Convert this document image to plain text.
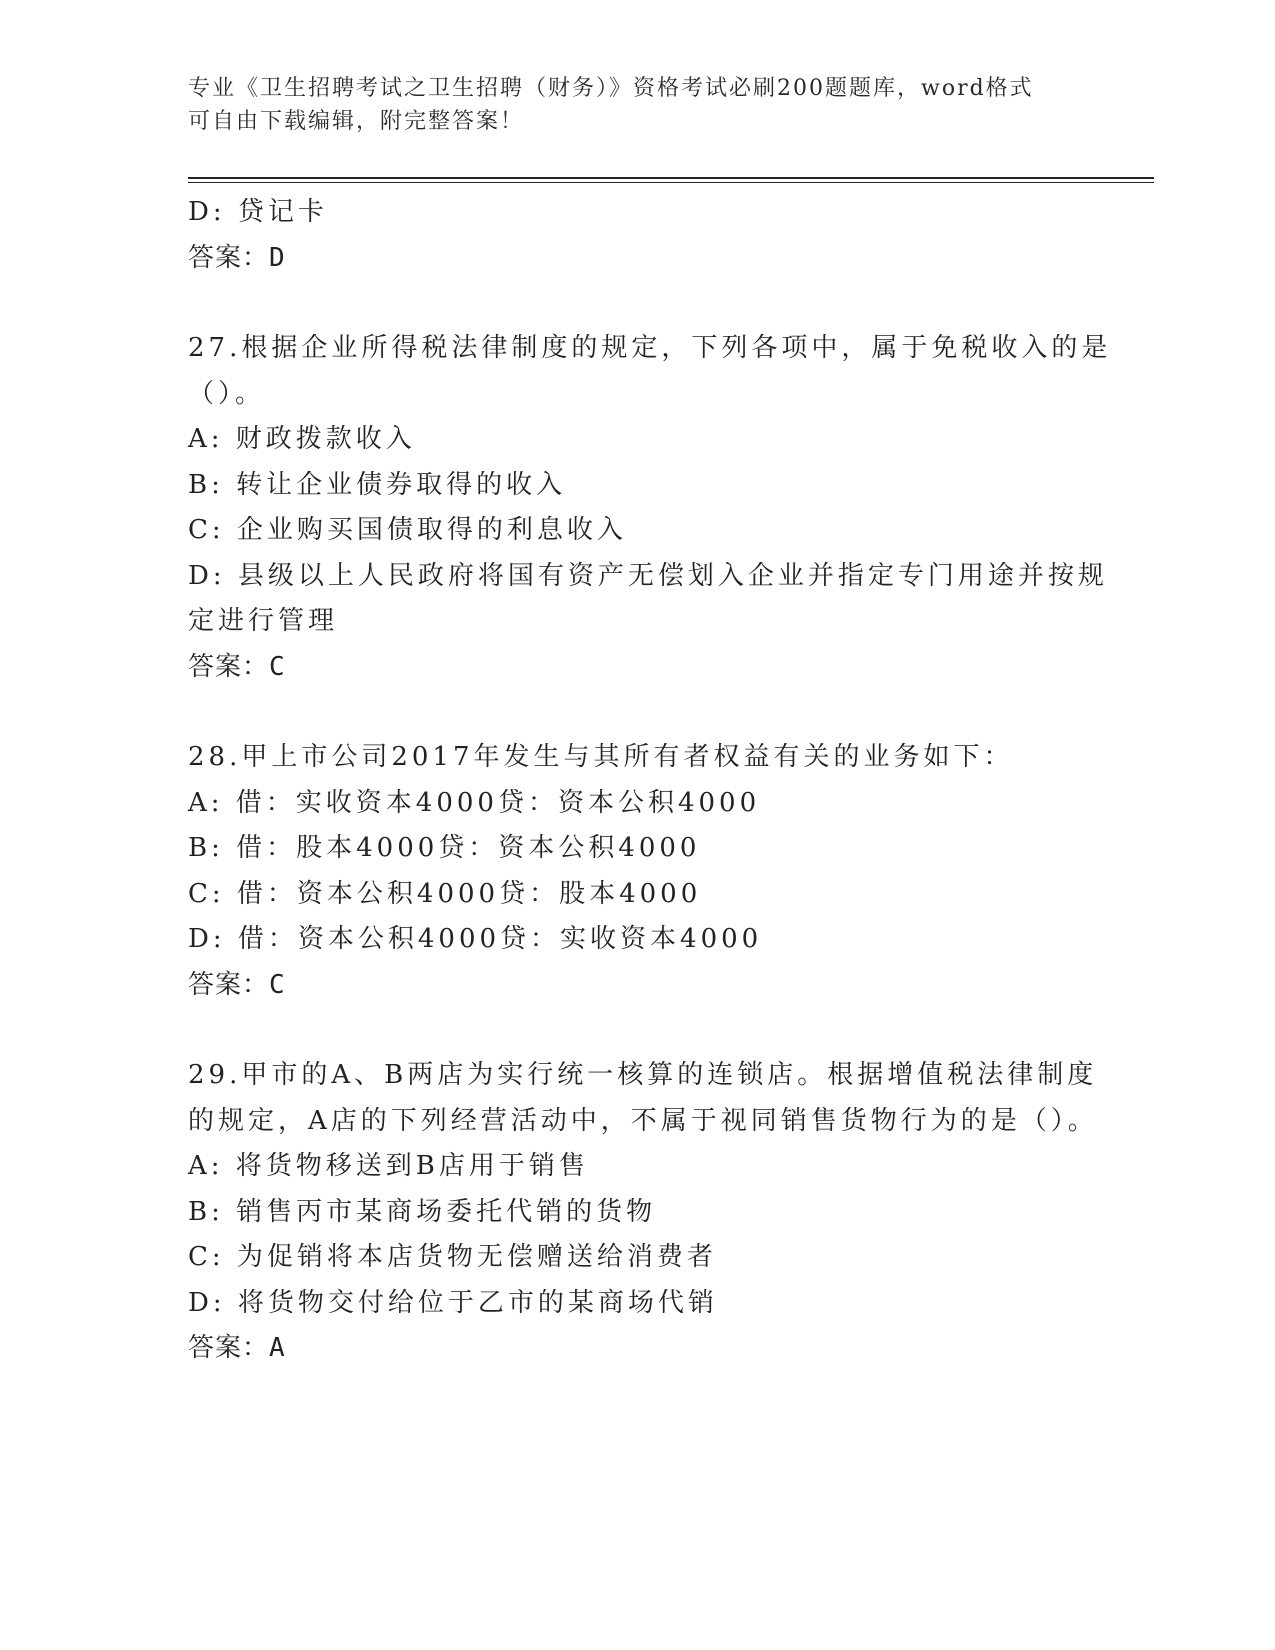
专业《卫生招聘考试之卫生招聘（财务）》资格考试必刷200题题库，word格式
可自由下载编辑，附完整答案！
D: 贷记卡
答案：D
27.根据企业所得税法律制度的规定，下列各项中，属于免税收入的是
（）。
A: 财政拨款收入
B: 转让企业债券取得的收入
C: 企业购买国债取得的利息收入
D: 县级以上人民政府将国有资产无偿划入企业并指定专门用途并按规
定进行管理
答案：C
28.甲上市公司2017年发生与其所有者权益有关的业务如下：
A: 借：实收资本4000贷：资本公积4000
B: 借：股本4000贷：资本公积4000
C: 借：资本公积4000贷：股本4000
D: 借：资本公积4000贷：实收资本4000
答案：C
29.甲市的A、B两店为实行统一核算的连锁店。根据增值税法律制度
的规定，A店的下列经营活动中，不属于视同销售货物行为的是（）。
A: 将货物移送到B店用于销售
B: 销售丙市某商场委托代销的货物
C: 为促销将本店货物无偿赠送给消费者
D: 将货物交付给位于乙市的某商场代销
答案：A
